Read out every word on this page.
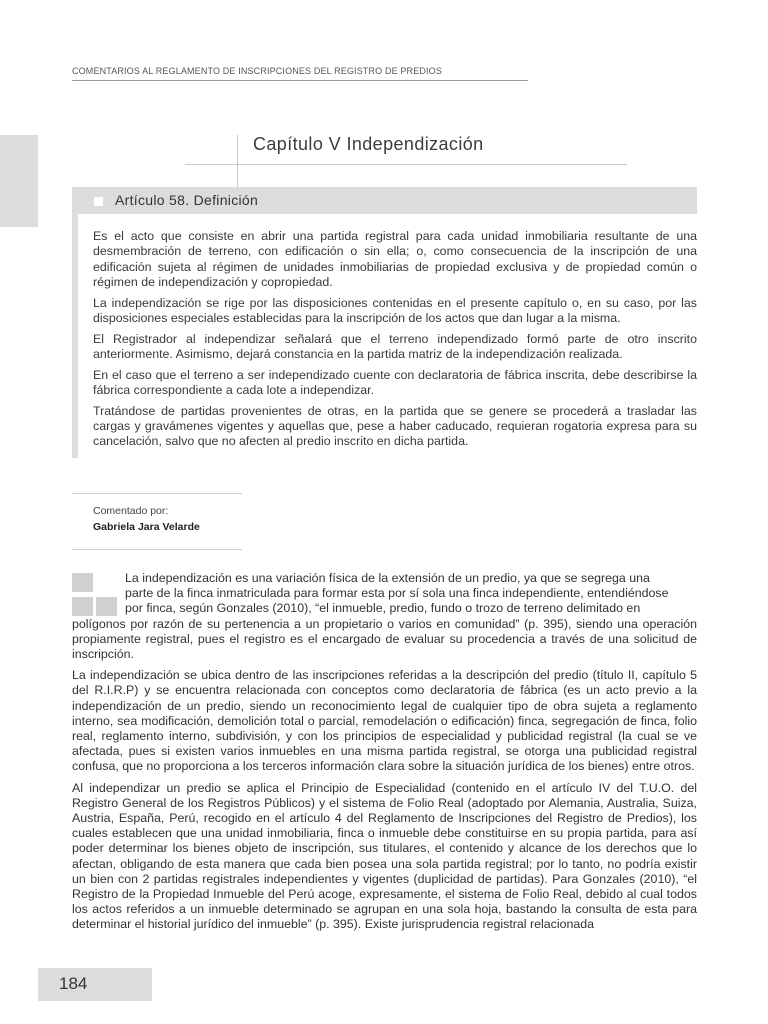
COMENTARIOS AL REGLAMENTO DE INSCRIPCIONES DEL REGISTRO DE PREDIOS
Capítulo V Independización
Artículo 58. Definición

Es el acto que consiste en abrir una partida registral para cada unidad inmobiliaria resultante de una desmembración de terreno, con edificación o sin ella; o, como consecuencia de la inscripción de una edificación sujeta al régimen de unidades inmobiliarias de propiedad exclusiva y de propiedad común o régimen de independización y copropiedad.

La independización se rige por las disposiciones contenidas en el presente capítulo o, en su caso, por las disposiciones especiales establecidas para la inscripción de los actos que dan lugar a la misma.

El Registrador al independizar señalará que el terreno independizado formó parte de otro inscrito anteriormente. Asimismo, dejará constancia en la partida matriz de la independización realizada.

En el caso que el terreno a ser independizado cuente con declaratoria de fábrica inscrita, debe describirse la fábrica correspondiente a cada lote a independizar.

Tratándose de partidas provenientes de otras, en la partida que se genere se procederá a trasladar las cargas y gravámenes vigentes y aquellas que, pese a haber caducado, requieran rogatoria expresa para su cancelación, salvo que no afecten al predio inscrito en dicha partida.

Comentado por:
Gabriela Jara Velarde

La independización es una variación física de la extensión de un predio, ya que se segrega una
parte de la finca inmatriculada para formar esta por sí sola una finca independiente, entendiéndose
por finca, según Gonzales (2010), “el inmueble, predio, fundo o trozo de terreno delimitado en
polígonos por razón de su pertenencia a un propietario o varios en comunidad” (p. 395), siendo una operación propiamente registral, pues el registro es el encargado de evaluar su procedencia a través de una solicitud de inscripción.

La independización se ubica dentro de las inscripciones referidas a la descripción del predio (título II, capítulo 5 del R.I.R.P) y se encuentra relacionada con conceptos como declaratoria de fábrica (es un acto previo a la independización de un predio, siendo un reconocimiento legal de cualquier tipo de obra sujeta a reglamento interno, sea modificación, demolición total o parcial, remodelación o edificación) finca, segregación de finca, folio real, reglamento interno, subdivisión, y con los principios de especialidad y publicidad registral (la cual se ve afectada, pues si existen varios inmuebles en una misma partida registral, se otorga una publicidad registral confusa, que no proporciona a los terceros información clara sobre la situación jurídica de los bienes) entre otros.

Al independizar un predio se aplica el Principio de Especialidad (contenido en el artículo IV del T.U.O. del Registro General de los Registros Públicos) y el sistema de Folio Real (adoptado por Alemania, Australia, Suiza, Austria, España, Perú, recogido en el artículo 4 del Reglamento de Inscripciones del Registro de Predios), los cuales establecen que una unidad inmobiliaria, finca o inmueble debe constituirse en su propia partida, para así poder determinar los bienes objeto de inscripción, sus titulares, el contenido y alcance de los derechos que lo afectan, obligando de esta manera que cada bien posea una sola partida registral; por lo tanto, no podría existir un bien con 2 partidas registrales independientes y vigentes (duplicidad de partidas). Para Gonzales (2010), “el Registro de la Propiedad Inmueble del Perú acoge, expresamente, el sistema de Folio Real, debido al cual todos los actos referidos a un inmueble determinado se agrupan en una sola hoja, bastando la consulta de esta para determinar el historial jurídico del inmueble” (p. 395). Existe jurisprudencia registral relacionada

184
